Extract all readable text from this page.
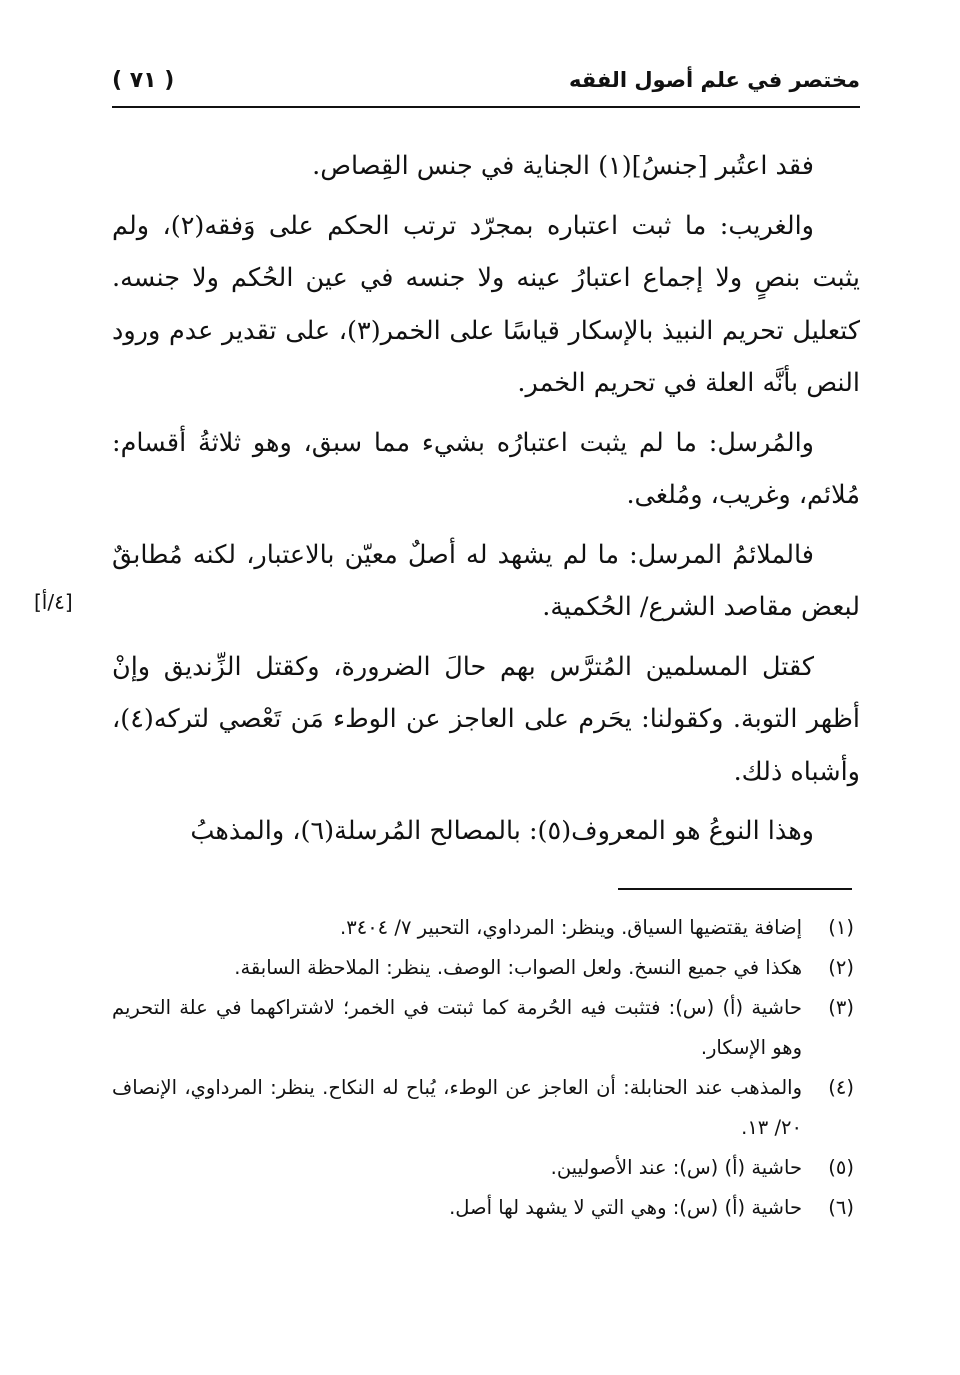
مختصر في علم أصول الفقه
( ٧١ )
[٤/أ]

فقد اعتُبر [جنسُ](١) الجناية في جنس القِصاص.

والغريب: ما ثبت اعتباره بمجرّد ترتب الحكم على وَفقه(٢)، ولم يثبت بنصٍ ولا إجماع اعتبارُ عينه ولا جنسه في عين الحُكم ولا جنسه. كتعليل تحريم النبيذ بالإسكار قياسًا على الخمر(٣)، على تقدير عدم ورود النص بأنَّه العلة في تحريم الخمر.

والمُرسل: ما لم يثبت اعتبارُه بشيء مما سبق، وهو ثلاثةُ أقسام: مُلائم، وغريب، ومُلغى.

فالملائمُ المرسل: ما لم يشهد له أصلٌ معيّن بالاعتبار، لكنه مُطابقٌ لبعض مقاصد الشرع/ الحُكمية.

كقتل المسلمين المُترَّس بهم حالَ الضرورة، وكقتل الزِّنديق وإنْ أظهر التوبة. وكقولنا: يحَرم على العاجز عن الوطء مَن تَعْصي لتركه(٤)، وأشباه ذلك.

وهذا النوعُ هو المعروف(٥): بالمصالح المُرسلة(٦)، والمذهبُ

(١)
إضافة يقتضيها السياق. وينظر: المرداوي، التحبير ٧/ ٣٤٠٤.
(٢)
هكذا في جميع النسخ. ولعل الصواب: الوصف. ينظر: الملاحظة السابقة.
(٣)
حاشية (أ) (س): فتثبت فيه الحُرمة كما ثبتت في الخمر؛ لاشتراكهما في علة التحريم وهو الإسكار.
(٤)
والمذهب عند الحنابلة: أن العاجز عن الوطء، يُباح له النكاح. ينظر: المرداوي، الإنصاف ٢٠/ ١٣.
(٥)
حاشية (أ) (س): عند الأصوليين.
(٦)
حاشية (أ) (س): وهي التي لا يشهد لها أصل.
